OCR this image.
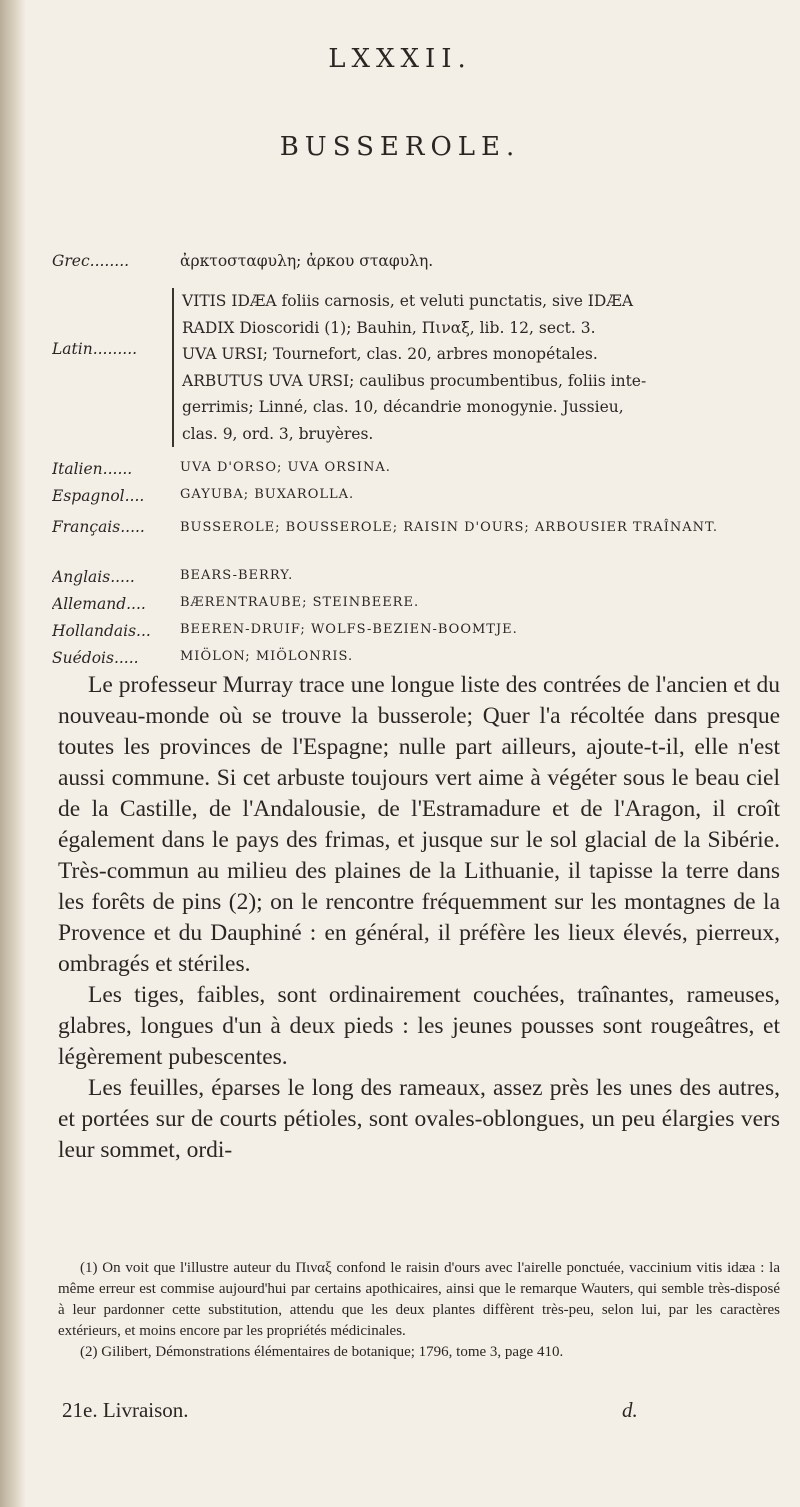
LXXXII.
BUSSEROLE.
Grec........	ἀρκτοσταφυλη; ἀρκου σταφυλη.
Latin.........
VITIS IDÆA foliis carnosis, et veluti punctatis, sive IDÆA
RADIX Dioscoridi (1); Bauhin, Πιναξ, lib. 12, sect. 3.
UVA URSI; Tournefort, clas. 20, arbres monopétales.
ARBUTUS UVA URSI; caulibus procumbentibus, foliis inte-
gerrimis; Linné, clas. 10, décandrie monogynie. Jussieu,
clas. 9, ord. 3, bruyères.
Italien......	UVA D'ORSO; UVA ORSINA.
Espagnol....	GAYUBA; BUXAROLLA.
Français.....	BUSSEROLE; BOUSSEROLE; RAISIN D'OURS; ARBOUSIER TRAÎNANT.
Anglais.....	BEARS-BERRY.
Allemand....	BÆRENTRAUBE; STEINBEERE.
Hollandais...	BEEREN-DRUIF; WOLFS-BEZIEN-BOOMTJE.
Suédois.....	MIÖLON; MIÖLONRIS.

Le professeur Murray trace une longue liste des contrées de l'ancien et du nouveau-monde où se trouve la busserole; Quer l'a récoltée dans presque toutes les provinces de l'Espagne; nulle part ailleurs, ajoute-t-il, elle n'est aussi commune. Si cet arbuste toujours vert aime à végéter sous le beau ciel de la Castille, de l'Andalousie, de l'Estramadure et de l'Aragon, il croît également dans le pays des frimas, et jusque sur le sol glacial de la Sibérie. Très-commun au milieu des plaines de la Lithuanie, il tapisse la terre dans les forêts de pins (2); on le rencontre fréquemment sur les montagnes de la Provence et du Dauphiné : en général, il préfère les lieux élevés, pierreux, ombragés et stériles.

Les tiges, faibles, sont ordinairement couchées, traînantes, rameuses, glabres, longues d'un à deux pieds : les jeunes pousses sont rougeâtres, et légèrement pubescentes.

Les feuilles, éparses le long des rameaux, assez près les unes des autres, et portées sur de courts pétioles, sont ovales-oblongues, un peu élargies vers leur sommet, ordi-

(1) On voit que l'illustre auteur du Πιναξ confond le raisin d'ours avec l'airelle ponctuée, vaccinium vitis idæa : la même erreur est commise aujourd'hui par certains apothicaires, ainsi que le remarque Wauters, qui semble très-disposé à leur pardonner cette substitution, attendu que les deux plantes diffèrent très-peu, selon lui, par les caractères extérieurs, et moins encore par les propriétés médicinales.

(2) Gilibert, Démonstrations élémentaires de botanique; 1796, tome 3, page 410.

21e. Livraison.	d.
